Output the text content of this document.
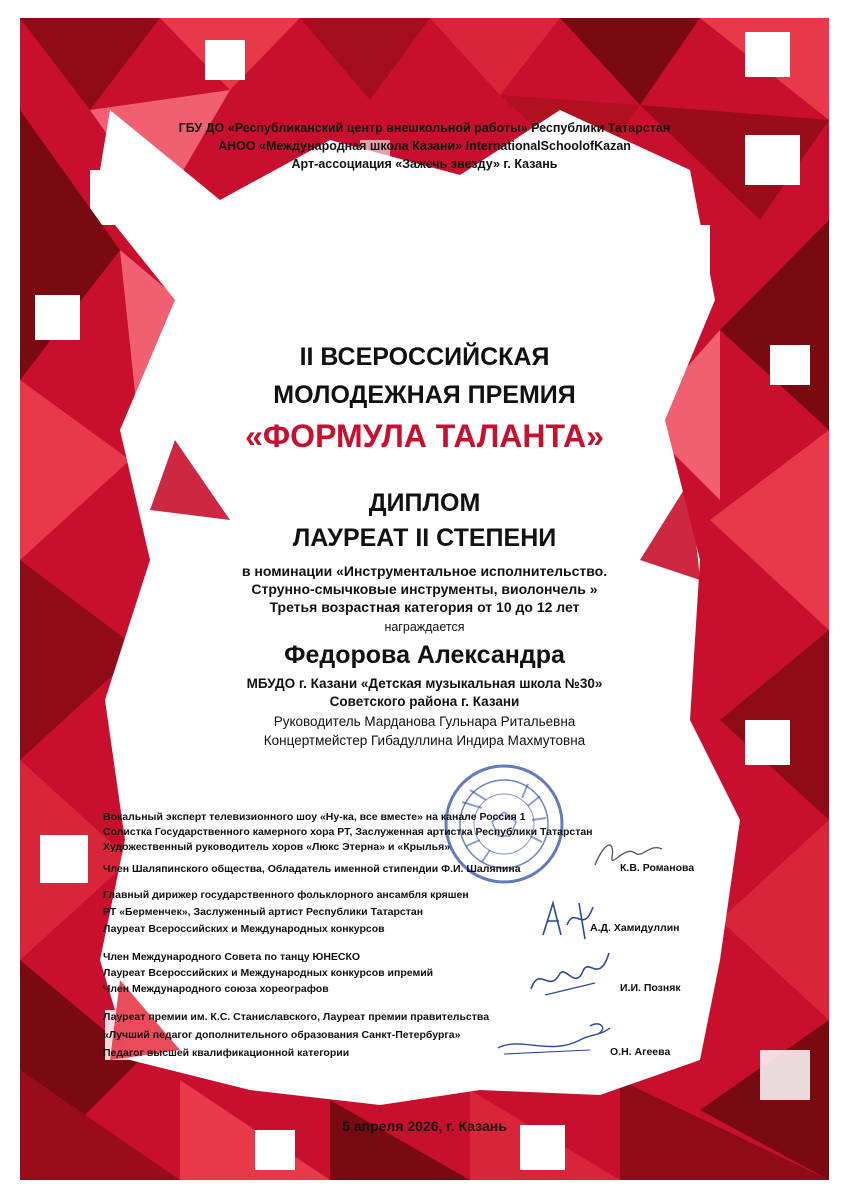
ГБУ ДО «Республиканский центр внешкольной работы» Республики Татарстан
АНОО «Международная школа Казани» InternationalSchoolofKazan
Арт-ассоциация «Зажечь звезду» г. Казань
II ВСЕРОССИЙСКАЯ
МОЛОДЕЖНАЯ ПРЕМИЯ
«ФОРМУЛА ТАЛАНТА»
ДИПЛОМ
ЛАУРЕАТ II СТЕПЕНИ
в номинации «Инструментальное исполнительство.
Струнно-смычковые инструменты, виолончель »
Третья возрастная категория от 10 до 12 лет
награждается
Федорова Александра
МБУДО г. Казани «Детская музыкальная школа №30»
Советского района г. Казани
Руководитель Марданова Гульнара Ритальевна
Концертмейстер Гибадуллина Индира Махмутовна
Вокальный эксперт телевизионного шоу «Ну-ка, все вместе» на канале Россия 1
Солистка Государственного камерного хора РТ, Заслуженная артистка Республики Татарстан
Художественный руководитель хоров «Люкс Этерна» и «Крылья»
Член Шаляпинского общества, Обладатель именной стипендии Ф.И. Шаляпина	К.В. Романова
Главный дирижер государственного фольклорного ансамбля кряшен
РТ «Берменчек», Заслуженный артист Республики Татарстан
Лауреат Всероссийских и Международных конкурсов	А.Д. Хамидуллин
Член Международного Совета по танцу ЮНЕСКО
Лауреат Всероссийских и Международных конкурсов ипремий
Член Международного союза хореографов	И.И. Позняк
Лауреат премии им. К.С. Станиславского, Лауреат премии правительства
«Лучший педагог дополнительного образования Санкт-Петербурга»
Педагог высшей квалификационной категории	О.Н. Агеева
5 апреля 2026, г. Казань
